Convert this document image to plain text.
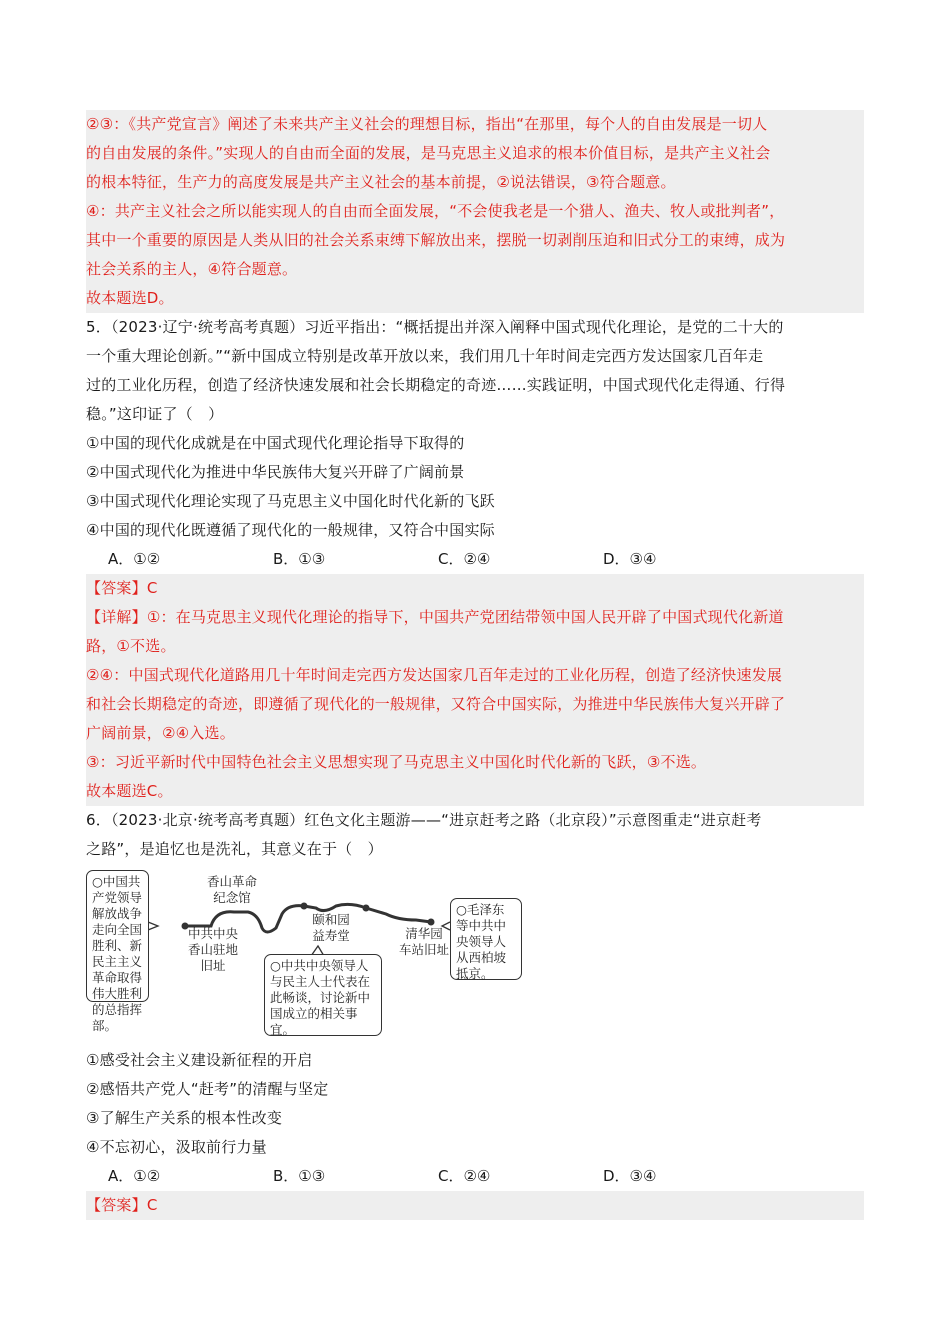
②③：《共产党宣言》阐述了未来共产主义社会的理想目标，指出“在那里，每个人的自由发展是一切人
的自由发展的条件。”实现人的自由而全面的发展，是马克思主义追求的根本价值目标，是共产主义社会
的根本特征，生产力的高度发展是共产主义社会的基本前提，②说法错误，③符合题意。
④：共产主义社会之所以能实现人的自由而全面发展，“不会使我老是一个猎人、渔夫、牧人或批判者”，
其中一个重要的原因是人类从旧的社会关系束缚下解放出来，摆脱一切剥削压迫和旧式分工的束缚，成为
社会关系的主人，④符合题意。
故本题选D。
5．（2023·辽宁·统考高考真题）习近平指出：“概括提出并深入阐释中国式现代化理论，是党的二十大的
一个重大理论创新。”“新中国成立特别是改革开放以来，我们用几十年时间走完西方发达国家几百年走
过的工业化历程，创造了经济快速发展和社会长期稳定的奇迹……实践证明，中国式现代化走得通、行得
稳。”这印证了（　）
①中国的现代化成就是在中国式现代化理论指导下取得的
②中国式现代化为推进中华民族伟大复兴开辟了广阔前景
③中国式现代化理论实现了马克思主义中国化时代化新的飞跃
④中国的现代化既遵循了现代化的一般规律，又符合中国实际
A．①②	B．①③	C．②④	D．③④
【答案】C
【详解】①：在马克思主义现代化理论的指导下，中国共产党团结带领中国人民开辟了中国式现代化新道
路，①不选。
②④：中国式现代化道路用几十年时间走完西方发达国家几百年走过的工业化历程，创造了经济快速发展
和社会长期稳定的奇迹，即遵循了现代化的一般规律，又符合中国实际，为推进中华民族伟大复兴开辟了
广阔前景，②④入选。
③：习近平新时代中国特色社会主义思想实现了马克思主义中国化时代化新的飞跃，③不选。
故本题选C。
6．（2023·北京·统考高考真题）红色文化主题游——“进京赶考之路（北京段）”示意图重走“进京赶考
之路”，是追忆也是洗礼，其意义在于（　）
○中国共产党领导解放战争走向全国胜利、新民主主义革命取得伟大胜利的总指挥部。
香山革命
纪念馆
中共中央
香山驻地
旧址
颐和园
益寿堂	清华园
车站旧址
○中共中央领导人与民主人士代表在此畅谈，讨论新中国成立的相关事宜。
○毛泽东等中共中央领导人从西柏坡抵京。
①感受社会主义建设新征程的开启
②感悟共产党人“赶考”的清醒与坚定
③了解生产关系的根本性改变
④不忘初心，汲取前行力量
A．①②	B．①③	C．②④	D．③④
【答案】C
